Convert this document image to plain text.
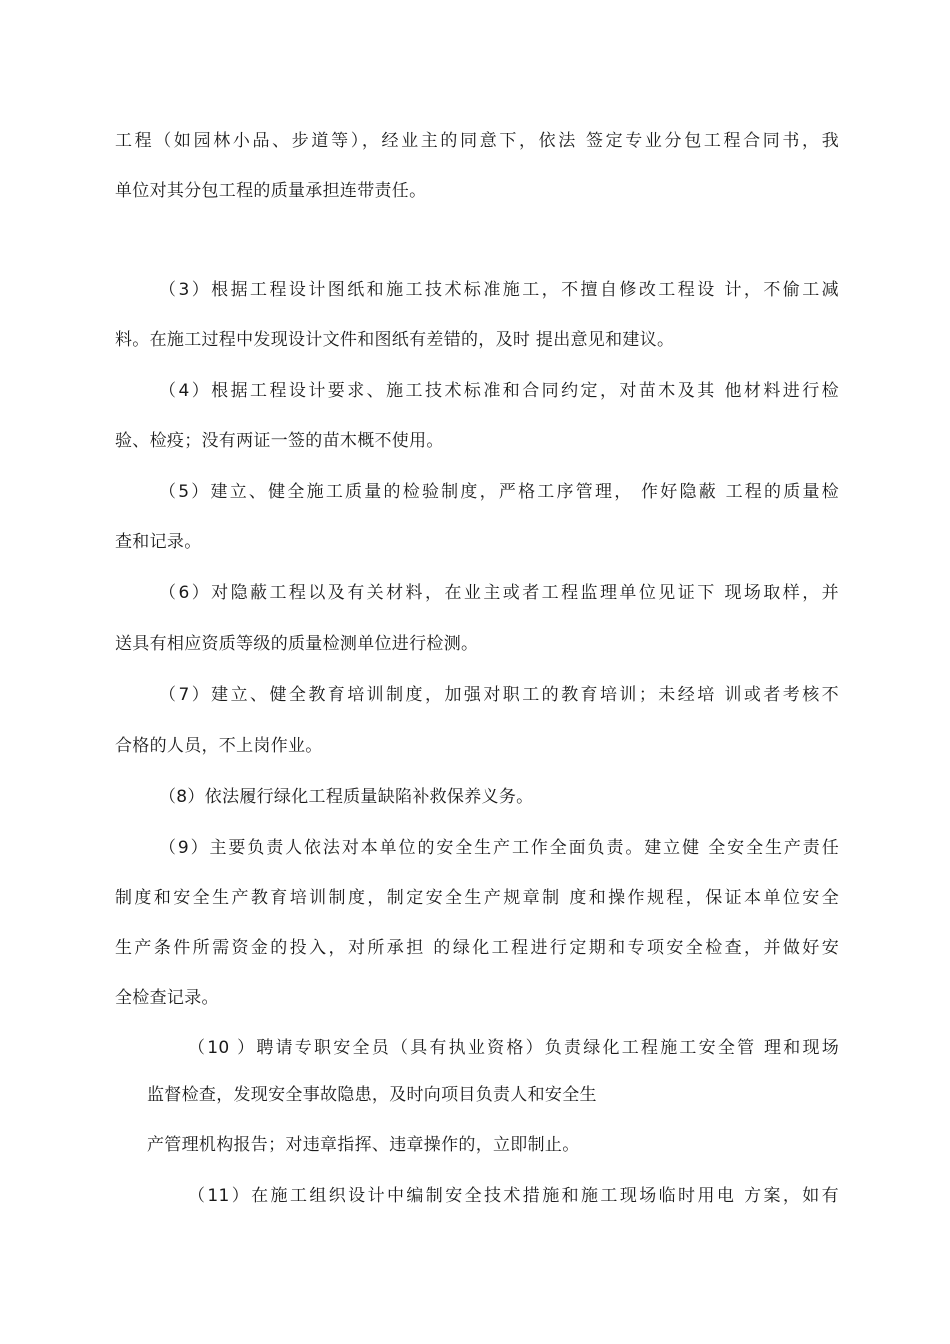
工程（如园林小品、步道等），经业主的同意下，依法 签定专业分包工程合同书，我

单位对其分包工程的质量承担连带责任。

（3）根据工程设计图纸和施工技术标准施工，不擅自修改工程设 计，不偷工减

料。在施工过程中发现设计文件和图纸有差错的，及时 提出意见和建议。

（4）根据工程设计要求、施工技术标准和合同约定，对苗木及其 他材料进行检

验、检疫；没有两证一签的苗木概不使用。

（5）建立、健全施工质量的检验制度，严格工序管理， 作好隐蔽 工程的质量检

查和记录。

（6）对隐蔽工程以及有关材料，在业主或者工程监理单位见证下 现场取样，并

送具有相应资质等级的质量检测单位进行检测。

（7）建立、健全教育培训制度，加强对职工的教育培训；未经培 训或者考核不

合格的人员，不上岗作业。

（8）依法履行绿化工程质量缺陷补救保养义务。

（9）主要负责人依法对本单位的安全生产工作全面负责。建立健 全安全生产责任

制度和安全生产教育培训制度，制定安全生产规章制 度和操作规程，保证本单位安全

生产条件所需资金的投入，对所承担 的绿化工程进行定期和专项安全检查，并做好安

全检查记录。

（10 ）聘请专职安全员（具有执业资格）负责绿化工程施工安全管 理和现场

监督检查，发现安全事故隐患，及时向项目负责人和安全生

产管理机构报告；对违章指挥、违章操作的，立即制止。

（11）在施工组织设计中编制安全技术措施和施工现场临时用电 方案，如有
